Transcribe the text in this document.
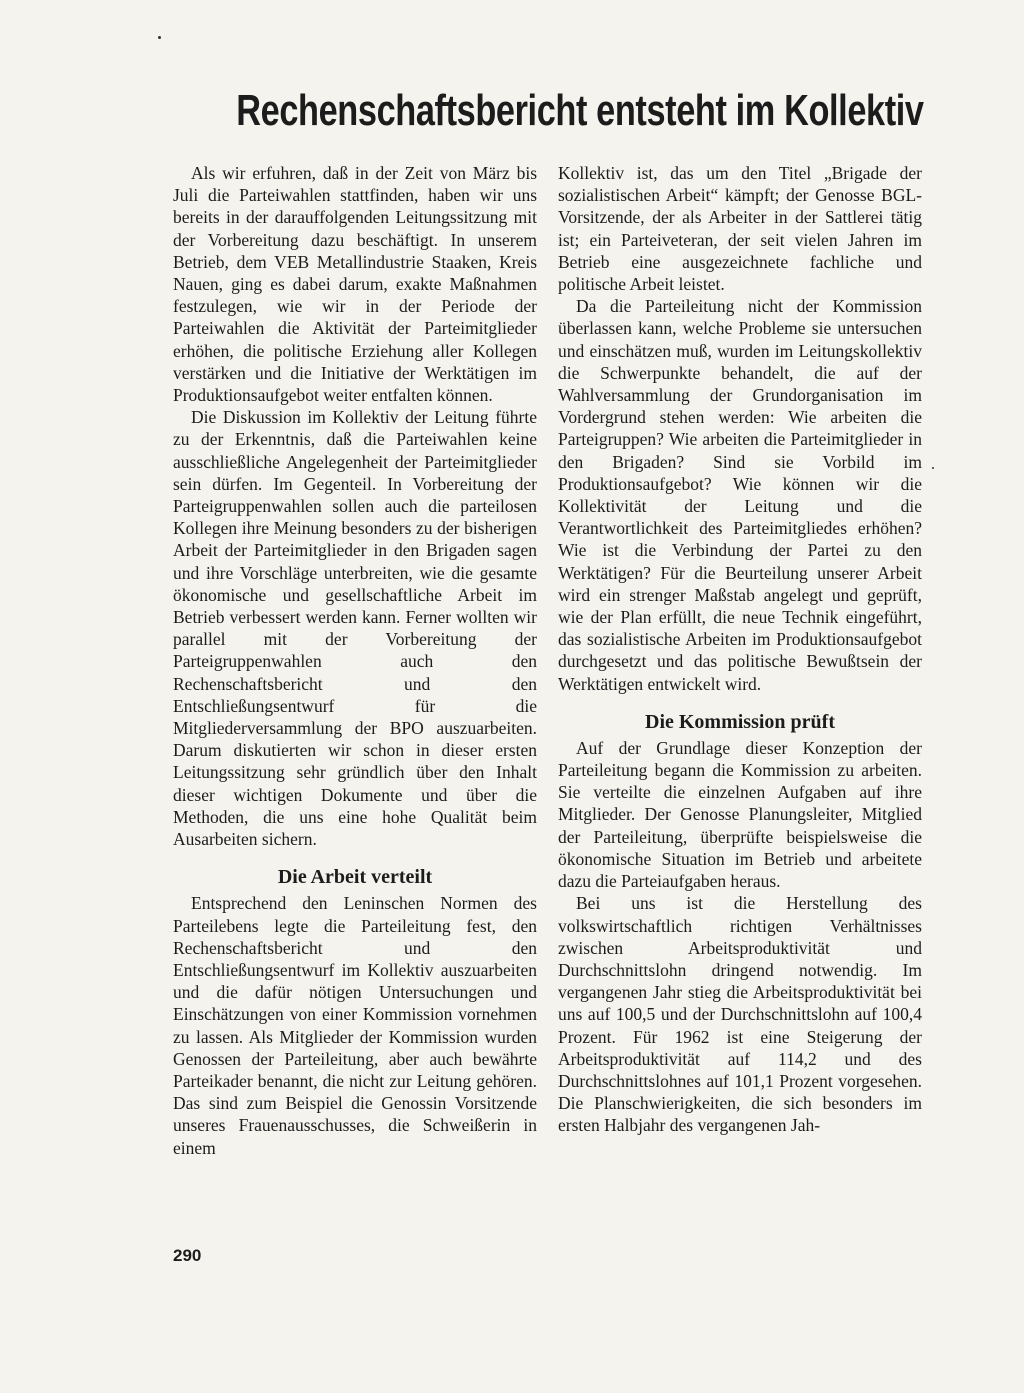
Rechenschaftsbericht entsteht im Kollektiv

Als wir erfuhren, daß in der Zeit von März bis Juli die Parteiwahlen stattfinden, haben wir uns bereits in der darauffolgenden Leitungssitzung mit der Vorbereitung dazu beschäftigt. In unserem Betrieb, dem VEB Metallindustrie Staaken, Kreis Nauen, ging es dabei darum, exakte Maßnahmen festzulegen, wie wir in der Periode der Parteiwahlen die Aktivität der Parteimitglieder erhöhen, die politische Erziehung aller Kollegen verstärken und die Initiative der Werktätigen im Produktionsaufgebot weiter entfalten können.

Die Diskussion im Kollektiv der Leitung führte zu der Erkenntnis, daß die Parteiwahlen keine ausschließliche Angelegenheit der Parteimitglieder sein dürfen. Im Gegenteil. In Vorbereitung der Parteigruppenwahlen sollen auch die parteilosen Kollegen ihre Meinung besonders zu der bisherigen Arbeit der Parteimitglieder in den Brigaden sagen und ihre Vorschläge unterbreiten, wie die gesamte ökonomische und gesellschaftliche Arbeit im Betrieb verbessert werden kann. Ferner wollten wir parallel mit der Vorbereitung der Parteigruppenwahlen auch den Rechenschaftsbericht und den Entschließungsentwurf für die Mitgliederversammlung der BPO auszuarbeiten. Darum diskutierten wir schon in dieser ersten Leitungssitzung sehr gründlich über den Inhalt dieser wichtigen Dokumente und über die Methoden, die uns eine hohe Qualität beim Ausarbeiten sichern.

Die Arbeit verteilt

Entsprechend den Leninschen Normen des Parteilebens legte die Parteileitung fest, den Rechenschaftsbericht und den Entschließungsentwurf im Kollektiv auszuarbeiten und die dafür nötigen Untersuchungen und Einschätzungen von einer Kommission vornehmen zu lassen. Als Mitglieder der Kommission wurden Genossen der Parteileitung, aber auch bewährte Parteikader benannt, die nicht zur Leitung gehören. Das sind zum Beispiel die Genossin Vorsitzende unseres Frauenausschusses, die Schweißerin in einem

Kollektiv ist, das um den Titel „Brigade der sozialistischen Arbeit“ kämpft; der Genosse BGL-Vorsitzende, der als Arbeiter in der Sattlerei tätig ist; ein Parteiveteran, der seit vielen Jahren im Betrieb eine ausgezeichnete fachliche und politische Arbeit leistet.

Da die Parteileitung nicht der Kommission überlassen kann, welche Probleme sie untersuchen und einschätzen muß, wurden im Leitungskollektiv die Schwerpunkte behandelt, die auf der Wahlversammlung der Grundorganisation im Vordergrund stehen werden: Wie arbeiten die Parteigruppen? Wie arbeiten die Parteimitglieder in den Brigaden? Sind sie Vorbild im Produktionsaufgebot? Wie können wir die Kollektivität der Leitung und die Verantwortlichkeit des Parteimitgliedes erhöhen? Wie ist die Verbindung der Partei zu den Werktätigen? Für die Beurteilung unserer Arbeit wird ein strenger Maßstab angelegt und geprüft, wie der Plan erfüllt, die neue Technik eingeführt, das sozialistische Arbeiten im Produktionsaufgebot durchgesetzt und das politische Bewußtsein der Werktätigen entwickelt wird.

Die Kommission prüft

Auf der Grundlage dieser Konzeption der Parteileitung begann die Kommission zu arbeiten. Sie verteilte die einzelnen Aufgaben auf ihre Mitglieder. Der Genosse Planungsleiter, Mitglied der Parteileitung, überprüfte beispielsweise die ökonomische Situation im Betrieb und arbeitete dazu die Parteiaufgaben heraus.

Bei uns ist die Herstellung des volkswirtschaftlich richtigen Verhältnisses zwischen Arbeitsproduktivität und Durchschnittslohn dringend notwendig. Im vergangenen Jahr stieg die Arbeitsproduktivität bei uns auf 100,5 und der Durchschnittslohn auf 100,4 Prozent. Für 1962 ist eine Steigerung der Arbeitsproduktivität auf 114,2 und des Durchschnittslohnes auf 101,1 Prozent vorgesehen. Die Planschwierigkeiten, die sich besonders im ersten Halbjahr des vergangenen Jah-

290
